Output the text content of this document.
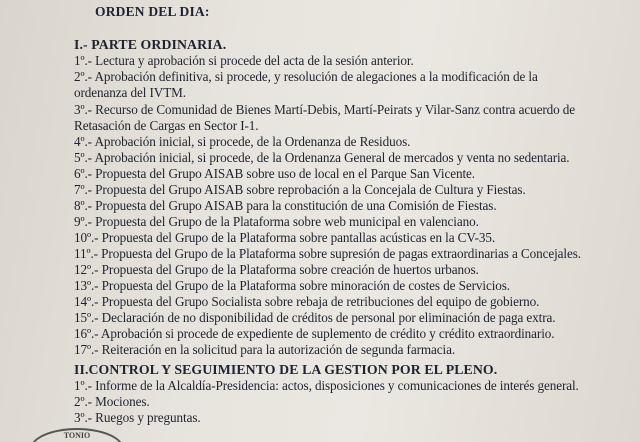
ORDEN DEL DIA:
I.- PARTE ORDINARIA.
1º.- Lectura y aprobación si procede del acta de la sesión anterior.
2º.- Aprobación definitiva, si procede, y resolución de alegaciones a la modificación de la
ordenanza del IVTM.
3º.- Recurso de Comunidad de Bienes Martí-Debis, Martí-Peirats y Vilar-Sanz contra acuerdo de
Retasación de Cargas en Sector I-1.
4º.- Aprobación inicial, si procede, de la Ordenanza de Residuos.
5º.- Aprobación inicial, si procede, de la Ordenanza General de mercados y venta no sedentaria.
6º.- Propuesta del Grupo AISAB sobre uso de local en el Parque San Vicente.
7º.- Propuesta del Grupo AISAB sobre reprobación a la Concejala de Cultura y Fiestas.
8º.- Propuesta del Grupo AISAB para la constitución de una Comisión de Fiestas.
9º.- Propuesta del Grupo de la Plataforma sobre web municipal en valenciano.
10º.- Propuesta del Grupo de la Plataforma sobre pantallas acústicas en la CV-35.
11º.- Propuesta del Grupo de la Plataforma sobre supresión de pagas extraordinarias a Concejales.
12º.- Propuesta del Grupo de la Plataforma sobre creación de huertos urbanos.
13º.- Propuesta del Grupo de la Plataforma sobre minoración de costes de Servicios.
14º.- Propuesta del Grupo Socialista sobre rebaja de retribuciones del equipo de gobierno.
15º.- Declaración de no disponibilidad de créditos de personal por eliminación de paga extra.
16º.- Aprobación si procede de expediente de suplemento de crédito y crédito extraordinario.
17º.- Reiteración en la solicitud para la autorización de segunda farmacia.
II.CONTROL Y SEGUIMIENTO DE LA GESTION POR EL PLENO.
1º.- Informe de la Alcaldía-Presidencia: actos, disposiciones y comunicaciones de interés general.
2º.- Mociones.
3º.- Ruegos y preguntas.
TONIO
